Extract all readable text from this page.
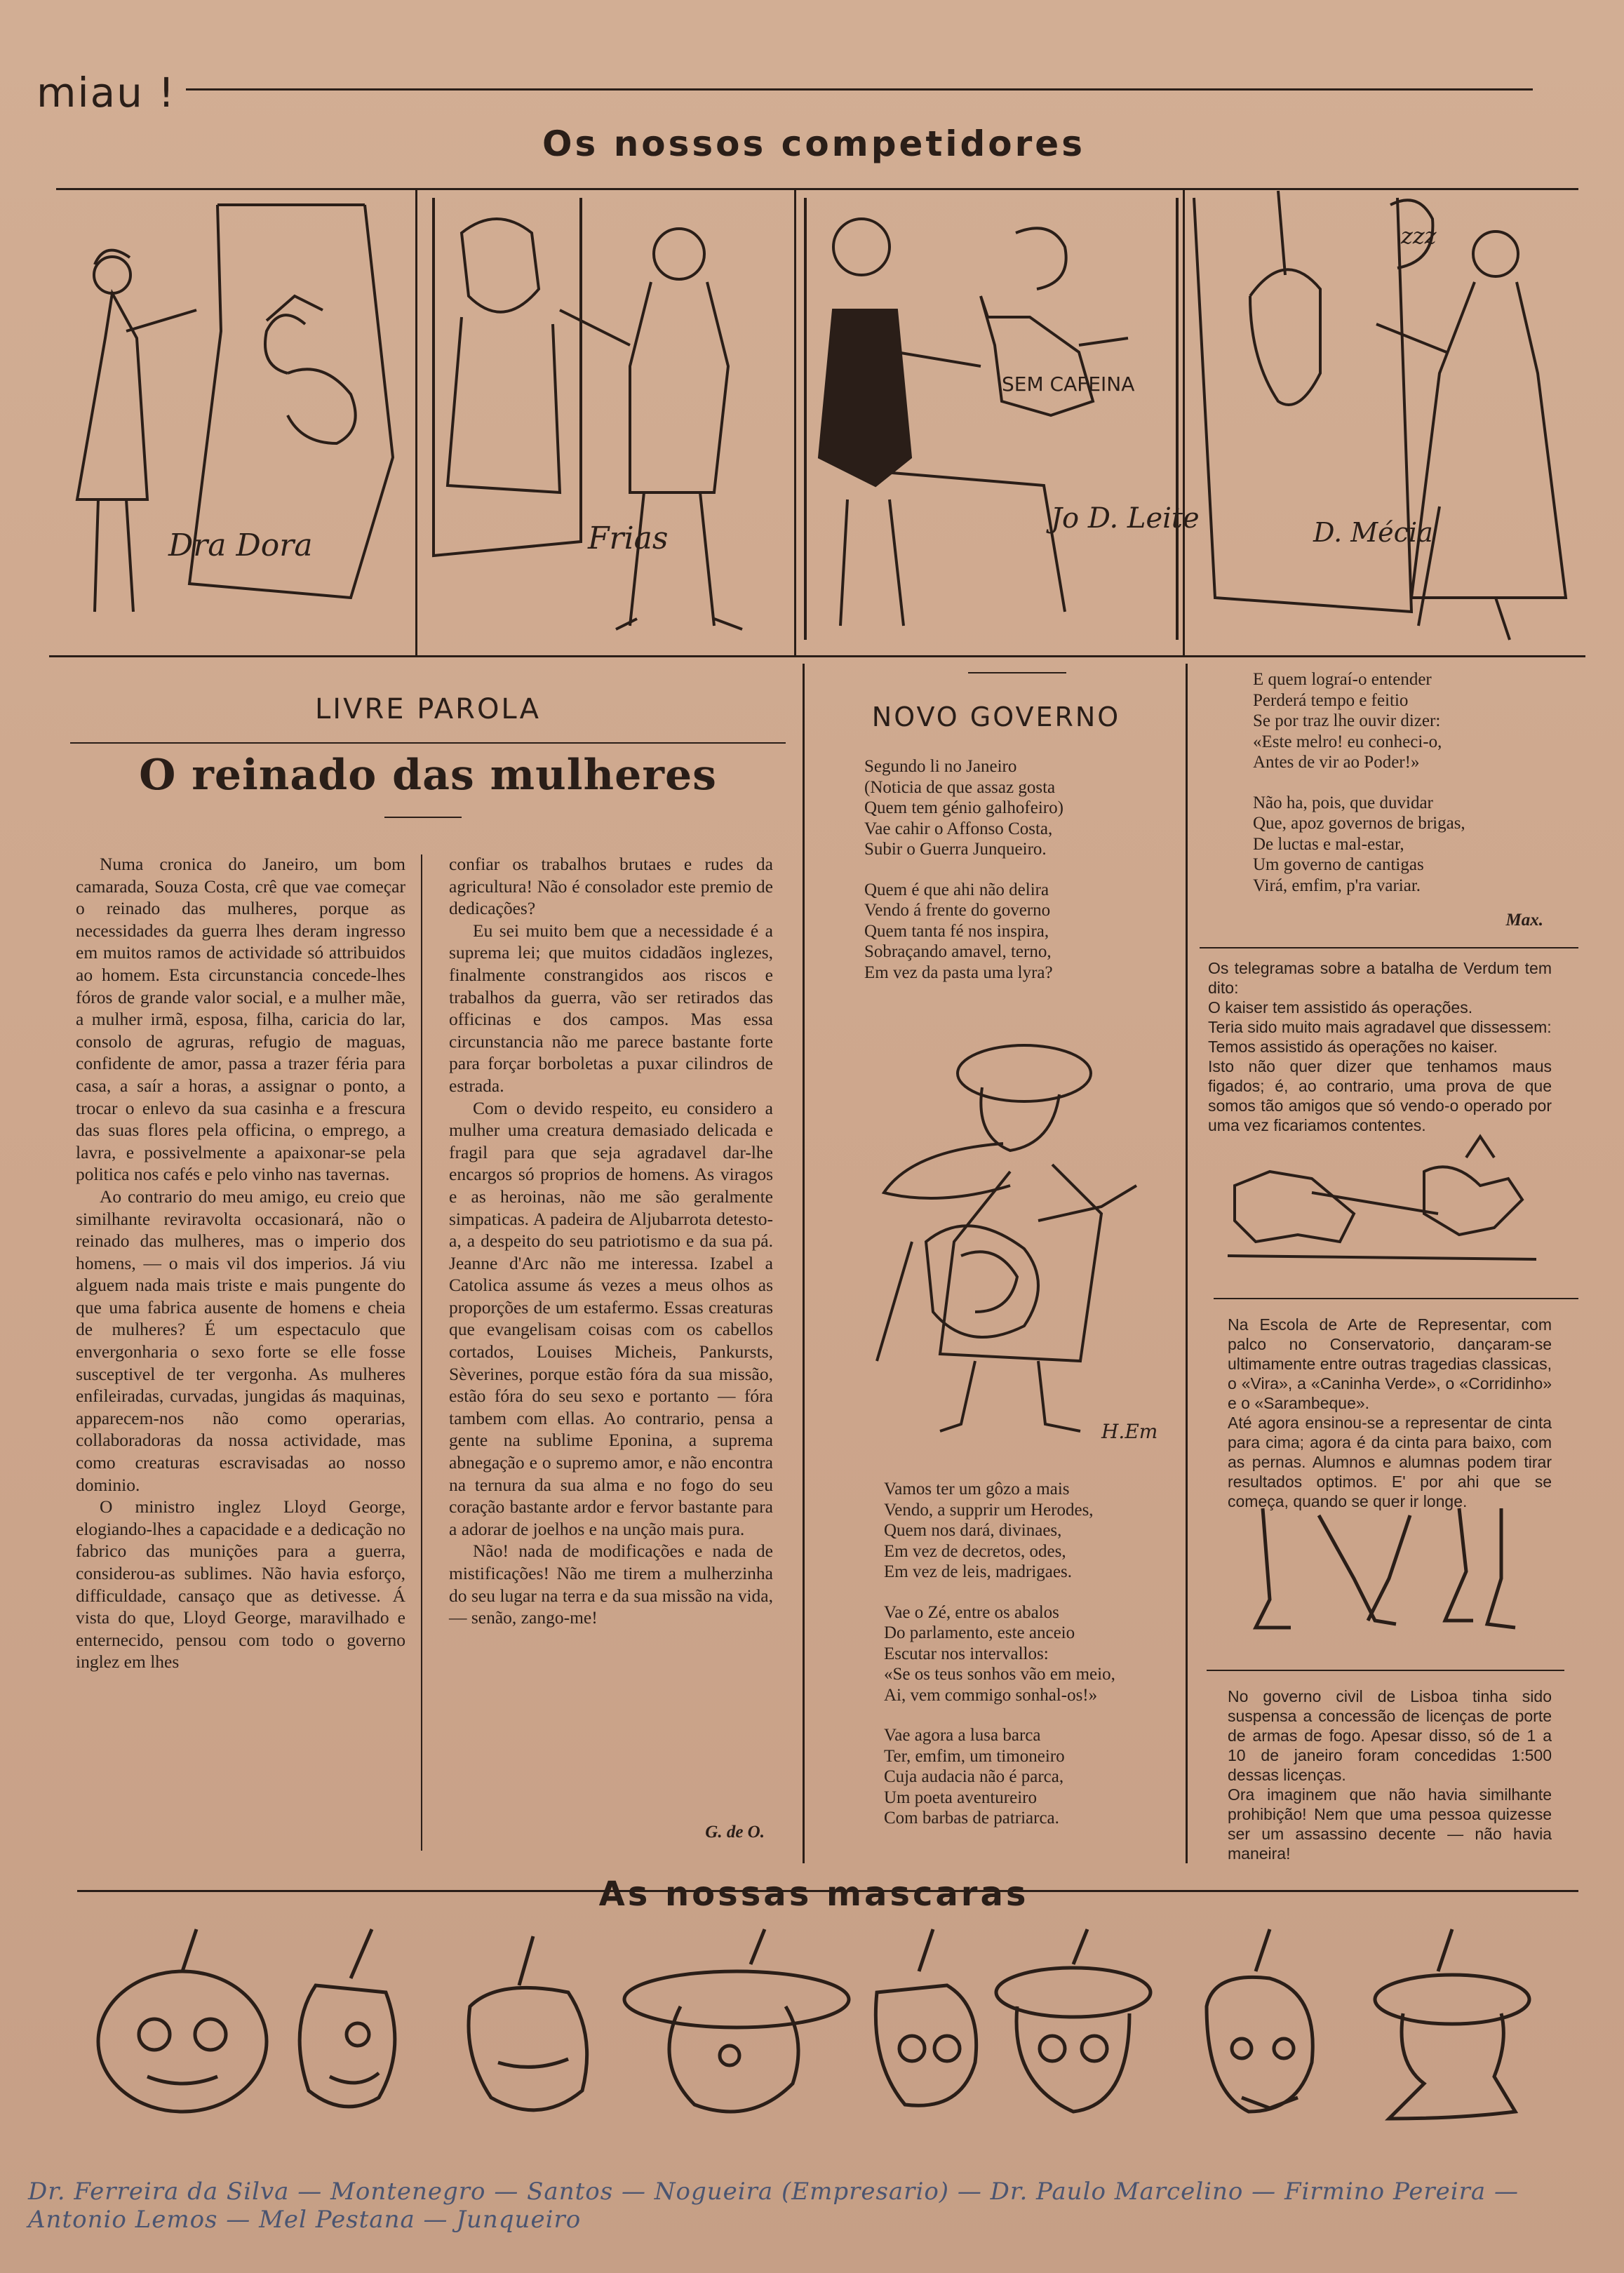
miau !
Os nossos competidores
Dra Dora	Frias
SEM CAFEINA
Jo D. Leite
zzz
D. Mécia
LIVRE PAROLA
O reinado das mulheres

Numa cronica do Janeiro, um bom camarada, Souza Costa, crê que vae começar o reinado das mulheres, porque as necessidades da guerra lhes deram ingresso em muitos ramos de actividade só attribuidos ao homem. Esta circunstancia concede-lhes fóros de grande valor social, e a mulher mãe, a mulher irmã, esposa, filha, caricia do lar, consolo de agruras, refugio de maguas, confidente de amor, passa a trazer féria para casa, a saír a horas, a assignar o ponto, a trocar o enlevo da sua casinha e a frescura das suas flores pela officina, o emprego, a lavra, e possivelmente a apaixonar-se pela politica nos cafés e pelo vinho nas tavernas.

Ao contrario do meu amigo, eu creio que similhante reviravolta occasionará, não o reinado das mulheres, mas o imperio dos homens, — o mais vil dos imperios. Já viu alguem nada mais triste e mais pungente do que uma fabrica ausente de homens e cheia de mulheres? É um espectaculo que envergonharia o sexo forte se elle fosse susceptivel de ter vergonha. As mulheres enfileiradas, curvadas, jungidas ás maquinas, apparecem-nos não como operarias, collaboradoras da nossa actividade, mas como creaturas escravisadas ao nosso dominio.

O ministro inglez Lloyd George, elogiando-lhes a capacidade e a dedicação no fabrico das munições para a guerra, considerou-as sublimes. Não havia esforço, difficuldade, cansaço que as detivesse. Á vista do que, Lloyd George, maravilhado e enternecido, pensou com todo o governo inglez em lhes

confiar os trabalhos brutaes e rudes da agricultura! Não é consolador este premio de dedicações?

Eu sei muito bem que a necessidade é a suprema lei; que muitos cidadãos inglezes, finalmente constrangidos aos riscos e trabalhos da guerra, vão ser retirados das officinas e dos campos. Mas essa circunstancia não me parece bastante forte para forçar borboletas a puxar cilindros de estrada.

Com o devido respeito, eu considero a mulher uma creatura demasiado delicada e fragil para que seja agradavel dar-lhe encargos só proprios de homens. As viragos e as heroinas, não me são geralmente simpaticas. A padeira de Aljubarrota detesto-a, a despeito do seu patriotismo e da sua pá. Jeanne d'Arc não me interessa. Izabel a Catolica assume ás vezes a meus olhos as proporções de um estafermo. Essas creaturas que evangelisam coisas com os cabellos cortados, Louises Micheis, Pankursts, Sèverines, porque estão fóra da sua missão, estão fóra do seu sexo e portanto — fóra tambem com ellas. Ao contrario, pensa a gente na sublime Eponina, a suprema abnegação e o supremo amor, e não encontra na ternura da sua alma e no fogo do seu coração bastante ardor e fervor bastante para a adorar de joelhos e na unção mais pura.

Não! nada de modificações e nada de mistificações! Não me tirem a mulherzinha do seu lugar na terra e da sua missão na vida, — senão, zango-me!

G. de O.
NOVO GOVERNO

Segundo li no Janeiro
(Noticia de que assaz gosta
Quem tem génio galhofeiro)
Vae cahir o Affonso Costa,
Subir o Guerra Junqueiro.

Quem é que ahi não delira
Vendo á frente do governo
Quem tanta fé nos inspira,
Sobraçando amavel, terno,
Em vez da pasta uma lyra?

H.Em

Vamos ter um gôzo a mais
Vendo, a supprir um Herodes,
Quem nos dará, divinaes,
Em vez de decretos, odes,
Em vez de leis, madrigaes.

Vae o Zé, entre os abalos
Do parlamento, este anceio
Escutar nos intervallos:
«Se os teus sonhos vão em meio,
Ai, vem commigo sonhal-os!»

Vae agora a lusa barca
Ter, emfim, um timoneiro
Cuja audacia não é parca,
Um poeta aventureiro
Com barbas de patriarca.

E quem lograí-o entender
Perderá tempo e feitio
Se por traz lhe ouvir dizer:
«Este melro! eu conheci-o,
Antes de vir ao Poder!»

Não ha, pois, que duvidar
Que, apoz governos de brigas,
De luctas e mal-estar,
Um governo de cantigas
Virá, emfim, p'ra variar.

Max.

Os telegramas sobre a batalha de Verdum tem dito:
O kaiser tem assistido ás operações.
Teria sido muito mais agradavel que dissessem:
Temos assistido ás operações no kaiser.
Isto não quer dizer que tenhamos maus figados; é, ao contrario, uma prova de que somos tão amigos que só vendo-o operado por uma vez ficariamos contentes.

Na Escola de Arte de Representar, com palco no Conservatorio, dançaram-se ultimamente entre outras tragedias classicas, o «Vira», a «Caninha Verde», o «Corridinho» e o «Sarambeque».
Até agora ensinou-se a representar de cinta para cima; agora é da cinta para baixo, com as pernas. Alumnos e alumnas podem tirar resultados optimos. E' por ahi que se começa, quando se quer ir longe.

No governo civil de Lisboa tinha sido suspensa a concessão de licenças de porte de armas de fogo. Apesar disso, só de 1 a 10 de janeiro foram concedidas 1:500 dessas licenças.
Ora imaginem que não havia similhante prohibição! Nem que uma pessoa quizesse ser um assassino decente — não havia maneira!

As nossas mascaras
Dr. Ferreira da Silva — Montenegro — Santos — Nogueira (Empresario) — Dr. Paulo Marcelino — Firmino Pereira — Antonio Lemos — Mel Pestana — Junqueiro
